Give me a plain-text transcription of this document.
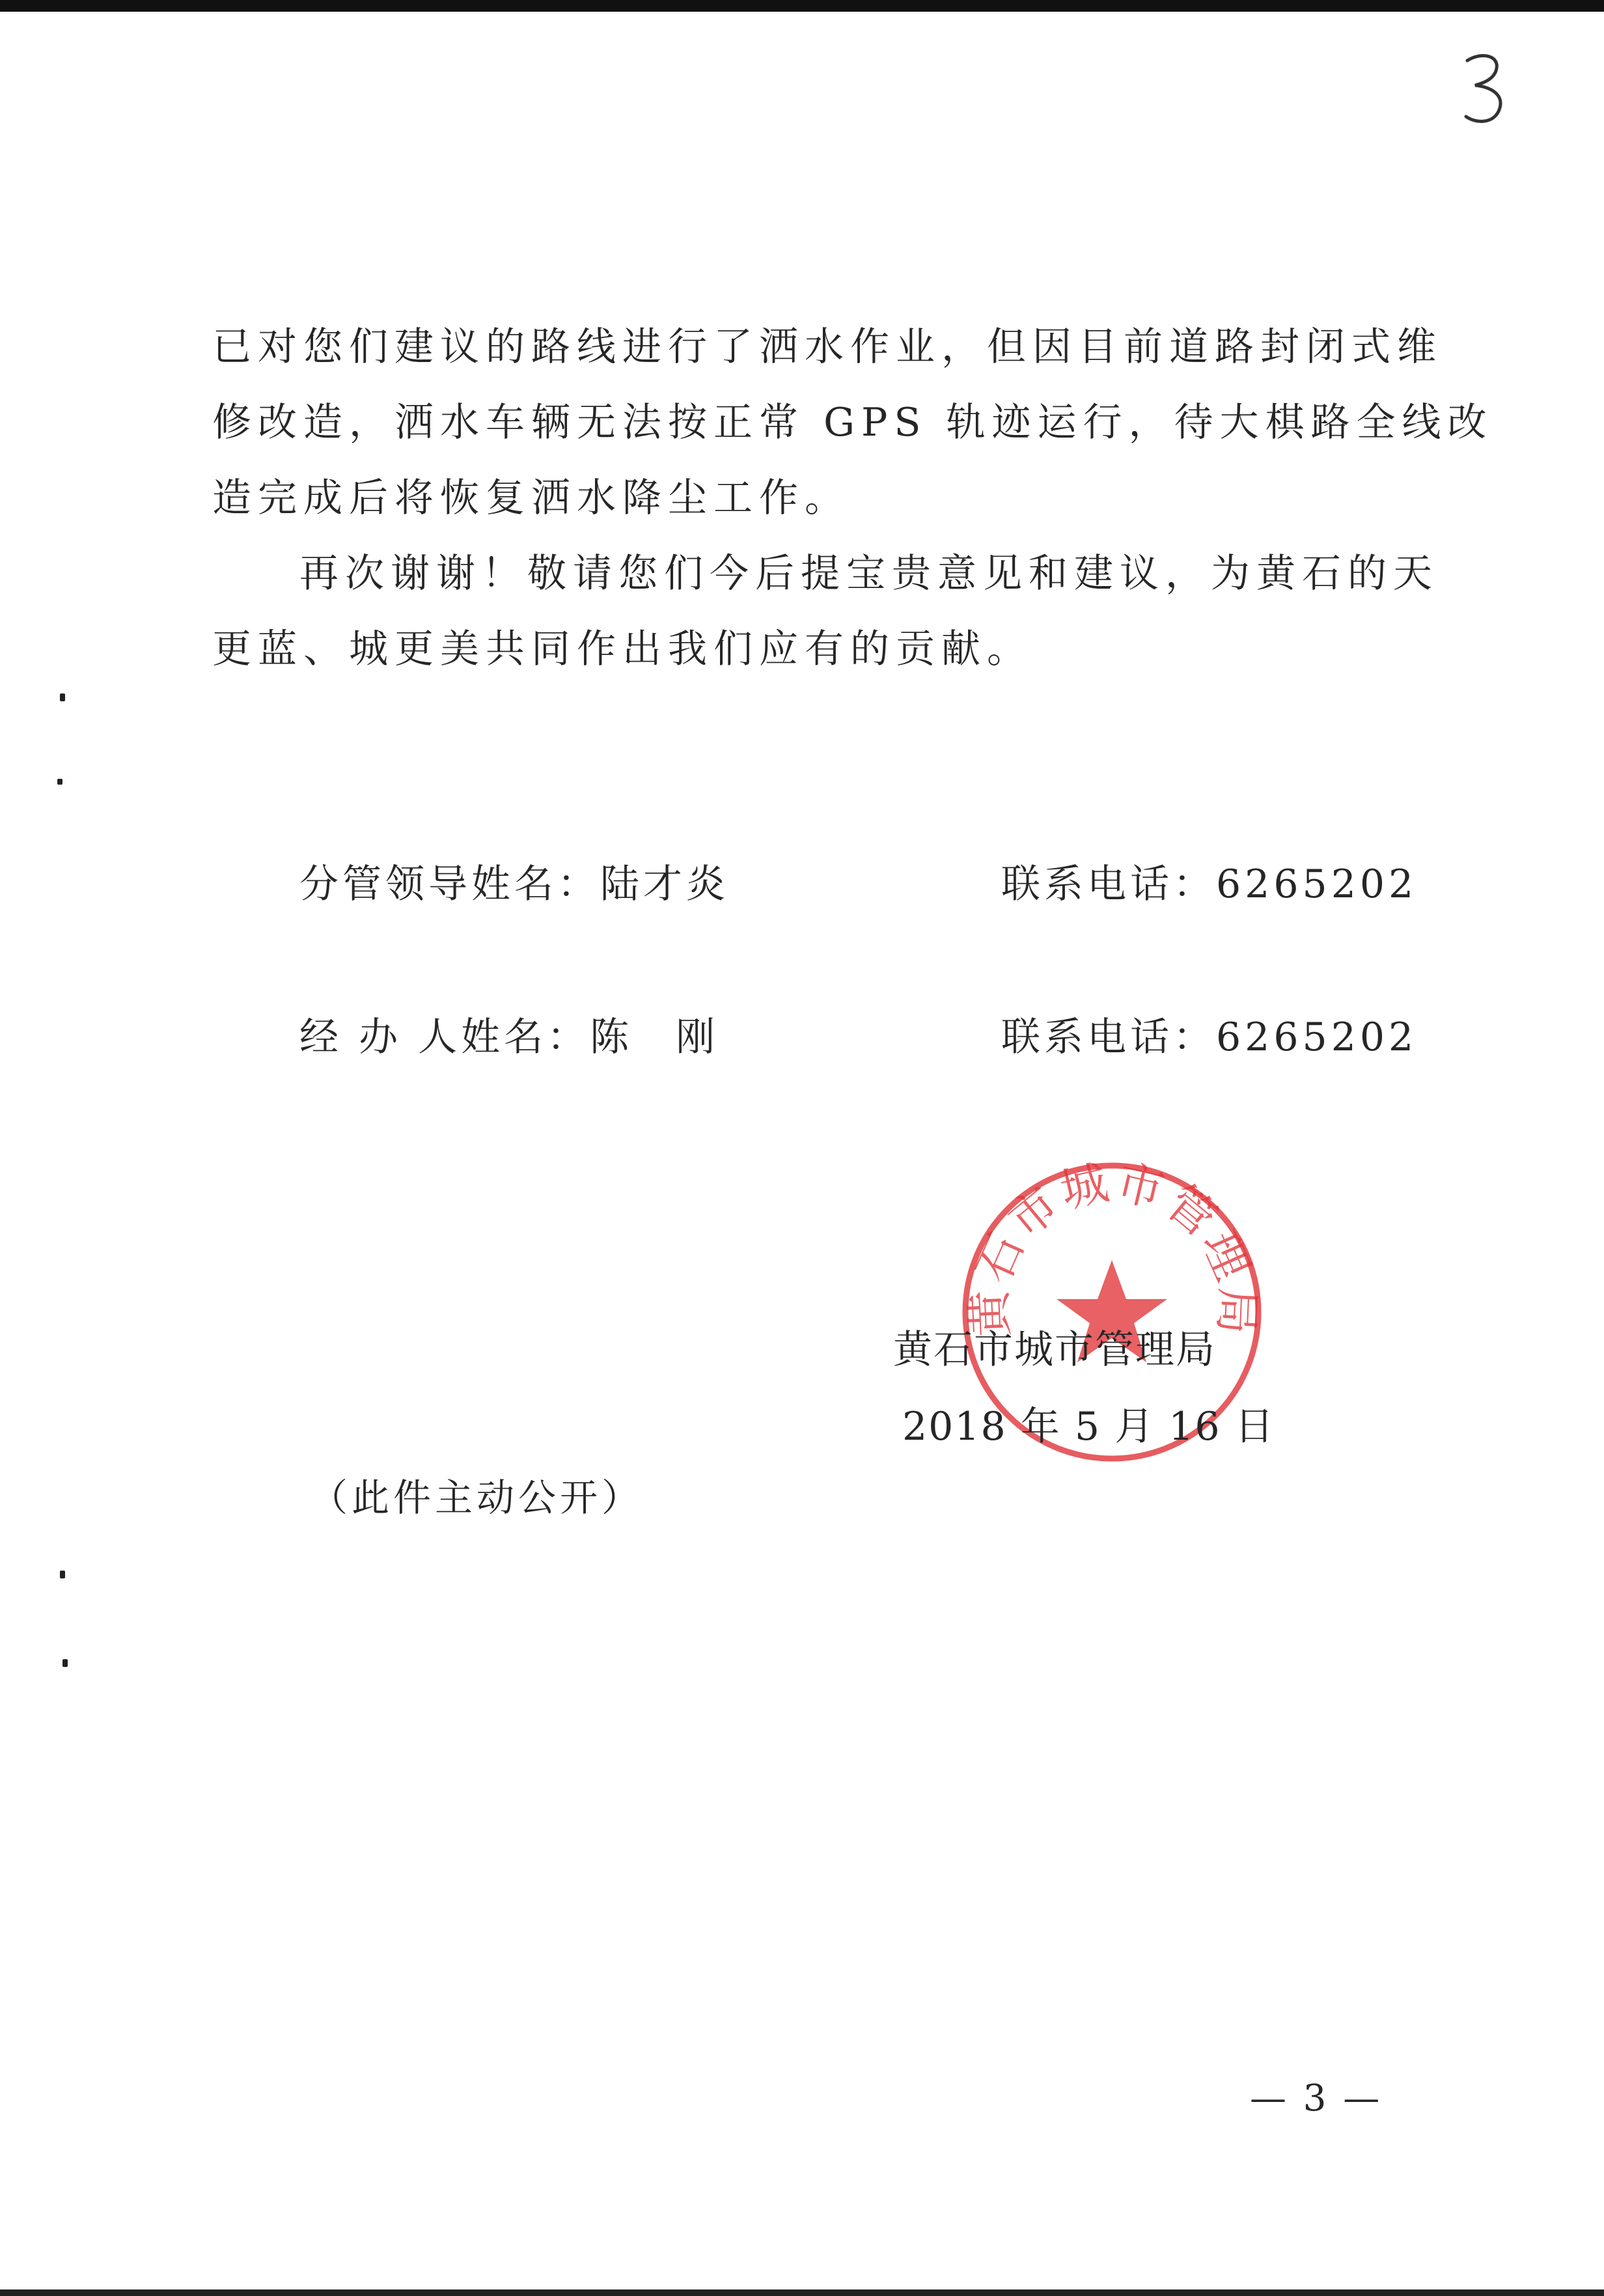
已对您们建议的路线进行了洒水作业，但因目前道路封闭式维
修改造，洒水车辆无法按正常 GPS 轨迹运行，待大棋路全线改
造完成后将恢复洒水降尘工作。
再次谢谢！敬请您们今后提宝贵意见和建议，为黄石的天
更蓝、城更美共同作出我们应有的贡献。
分管领导姓名：陆才炎	联系电话：6265202
经 办 人姓名：陈　刚	联系电话：6265202
黄石市城市管理局
黄石市城市管理局
2018 年 5 月 16 日
（此件主动公开）
— 3 —
